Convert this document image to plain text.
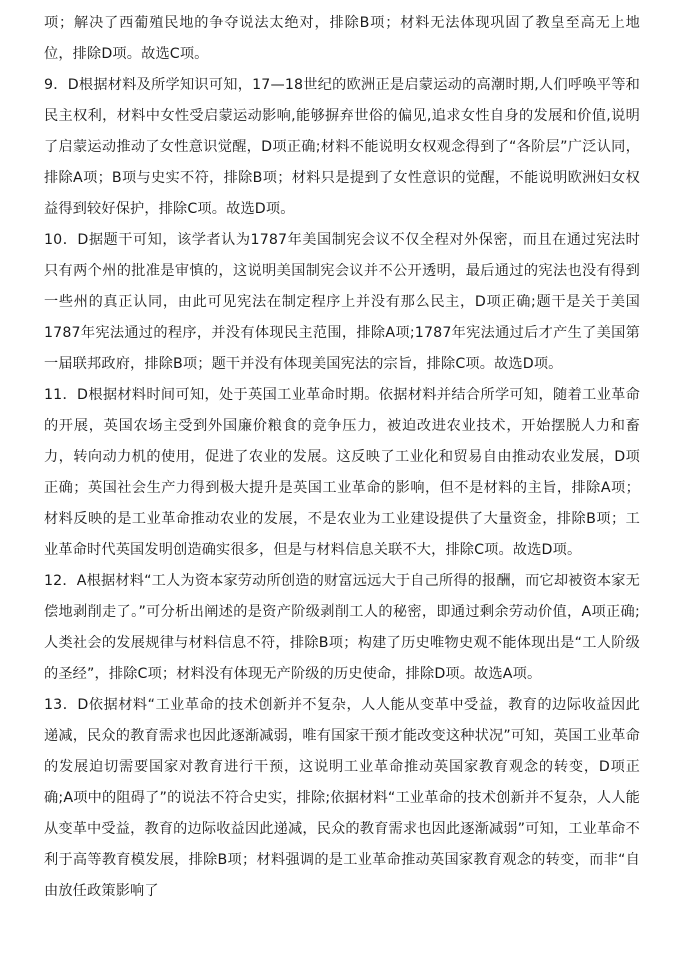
项；解决了西葡殖民地的争夺说法太绝对，排除B项；材料无法体现巩固了教皇至高无上地位，排除D项。故选C项。

9．D根据材料及所学知识可知，17—18世纪的欧洲正是启蒙运动的高潮时期,人们呼唤平等和民主权利，材料中女性受启蒙运动影响,能够摒弃世俗的偏见,追求女性自身的发展和价值,说明了启蒙运动推动了女性意识觉醒，D项正确;材料不能说明女权观念得到了“各阶层”广泛认同，排除A项；B项与史实不符，排除B项；材料只是提到了女性意识的觉醒，不能说明欧洲妇女权益得到较好保护，排除C项。故选D项。

10．D据题干可知，该学者认为1787年美国制宪会议不仅全程对外保密，而且在通过宪法时只有两个州的批准是审慎的，这说明美国制宪会议并不公开透明，最后通过的宪法也没有得到一些州的真正认同，由此可见宪法在制定程序上并没有那么民主，D项正确;题干是关于美国1787年宪法通过的程序，并没有体现民主范围，排除A项;1787年宪法通过后才产生了美国第一届联邦政府，排除B项；题干并没有体现美国宪法的宗旨，排除C项。故选D项。

11．D根据材料时间可知，处于英国工业革命时期。依据材料并结合所学可知，随着工业革命的开展，英国农场主受到外国廉价粮食的竞争压力，被迫改进农业技术，开始摆脱人力和畜力，转向动力机的使用，促进了农业的发展。这反映了工业化和贸易自由推动农业发展，D项正确；英国社会生产力得到极大提升是英国工业革命的影响，但不是材料的主旨，排除A项；材料反映的是工业革命推动农业的发展，不是农业为工业建设提供了大量资金，排除B项；工业革命时代英国发明创造确实很多，但是与材料信息关联不大，排除C项。故选D项。

12．A根据材料“工人为资本家劳动所创造的财富远远大于自己所得的报酬，而它却被资本家无偿地剥削走了。”可分析出阐述的是资产阶级剥削工人的秘密，即通过剩余劳动价值，A项正确;人类社会的发展规律与材料信息不符，排除B项；构建了历史唯物史观不能体现出是“工人阶级的圣经”，排除C项；材料没有体现无产阶级的历史使命，排除D项。故选A项。

13．D依据材料“工业革命的技术创新并不复杂，人人能从变革中受益，教育的边际收益因此递减，民众的教育需求也因此逐渐减弱，唯有国家干预才能改变这种状况”可知，英国工业革命的发展迫切需要国家对教育进行干预，这说明工业革命推动英国家教育观念的转变，D项正确;A项中的阻碍了”的说法不符合史实，排除;依据材料“工业革命的技术创新并不复杂，人人能从变革中受益，教育的边际收益因此递减，民众的教育需求也因此逐渐减弱”可知，工业革命不利于高等教育模发展，排除B项；材料强调的是工业革命推动英国家教育观念的转变，而非“自由放任政策影响了
